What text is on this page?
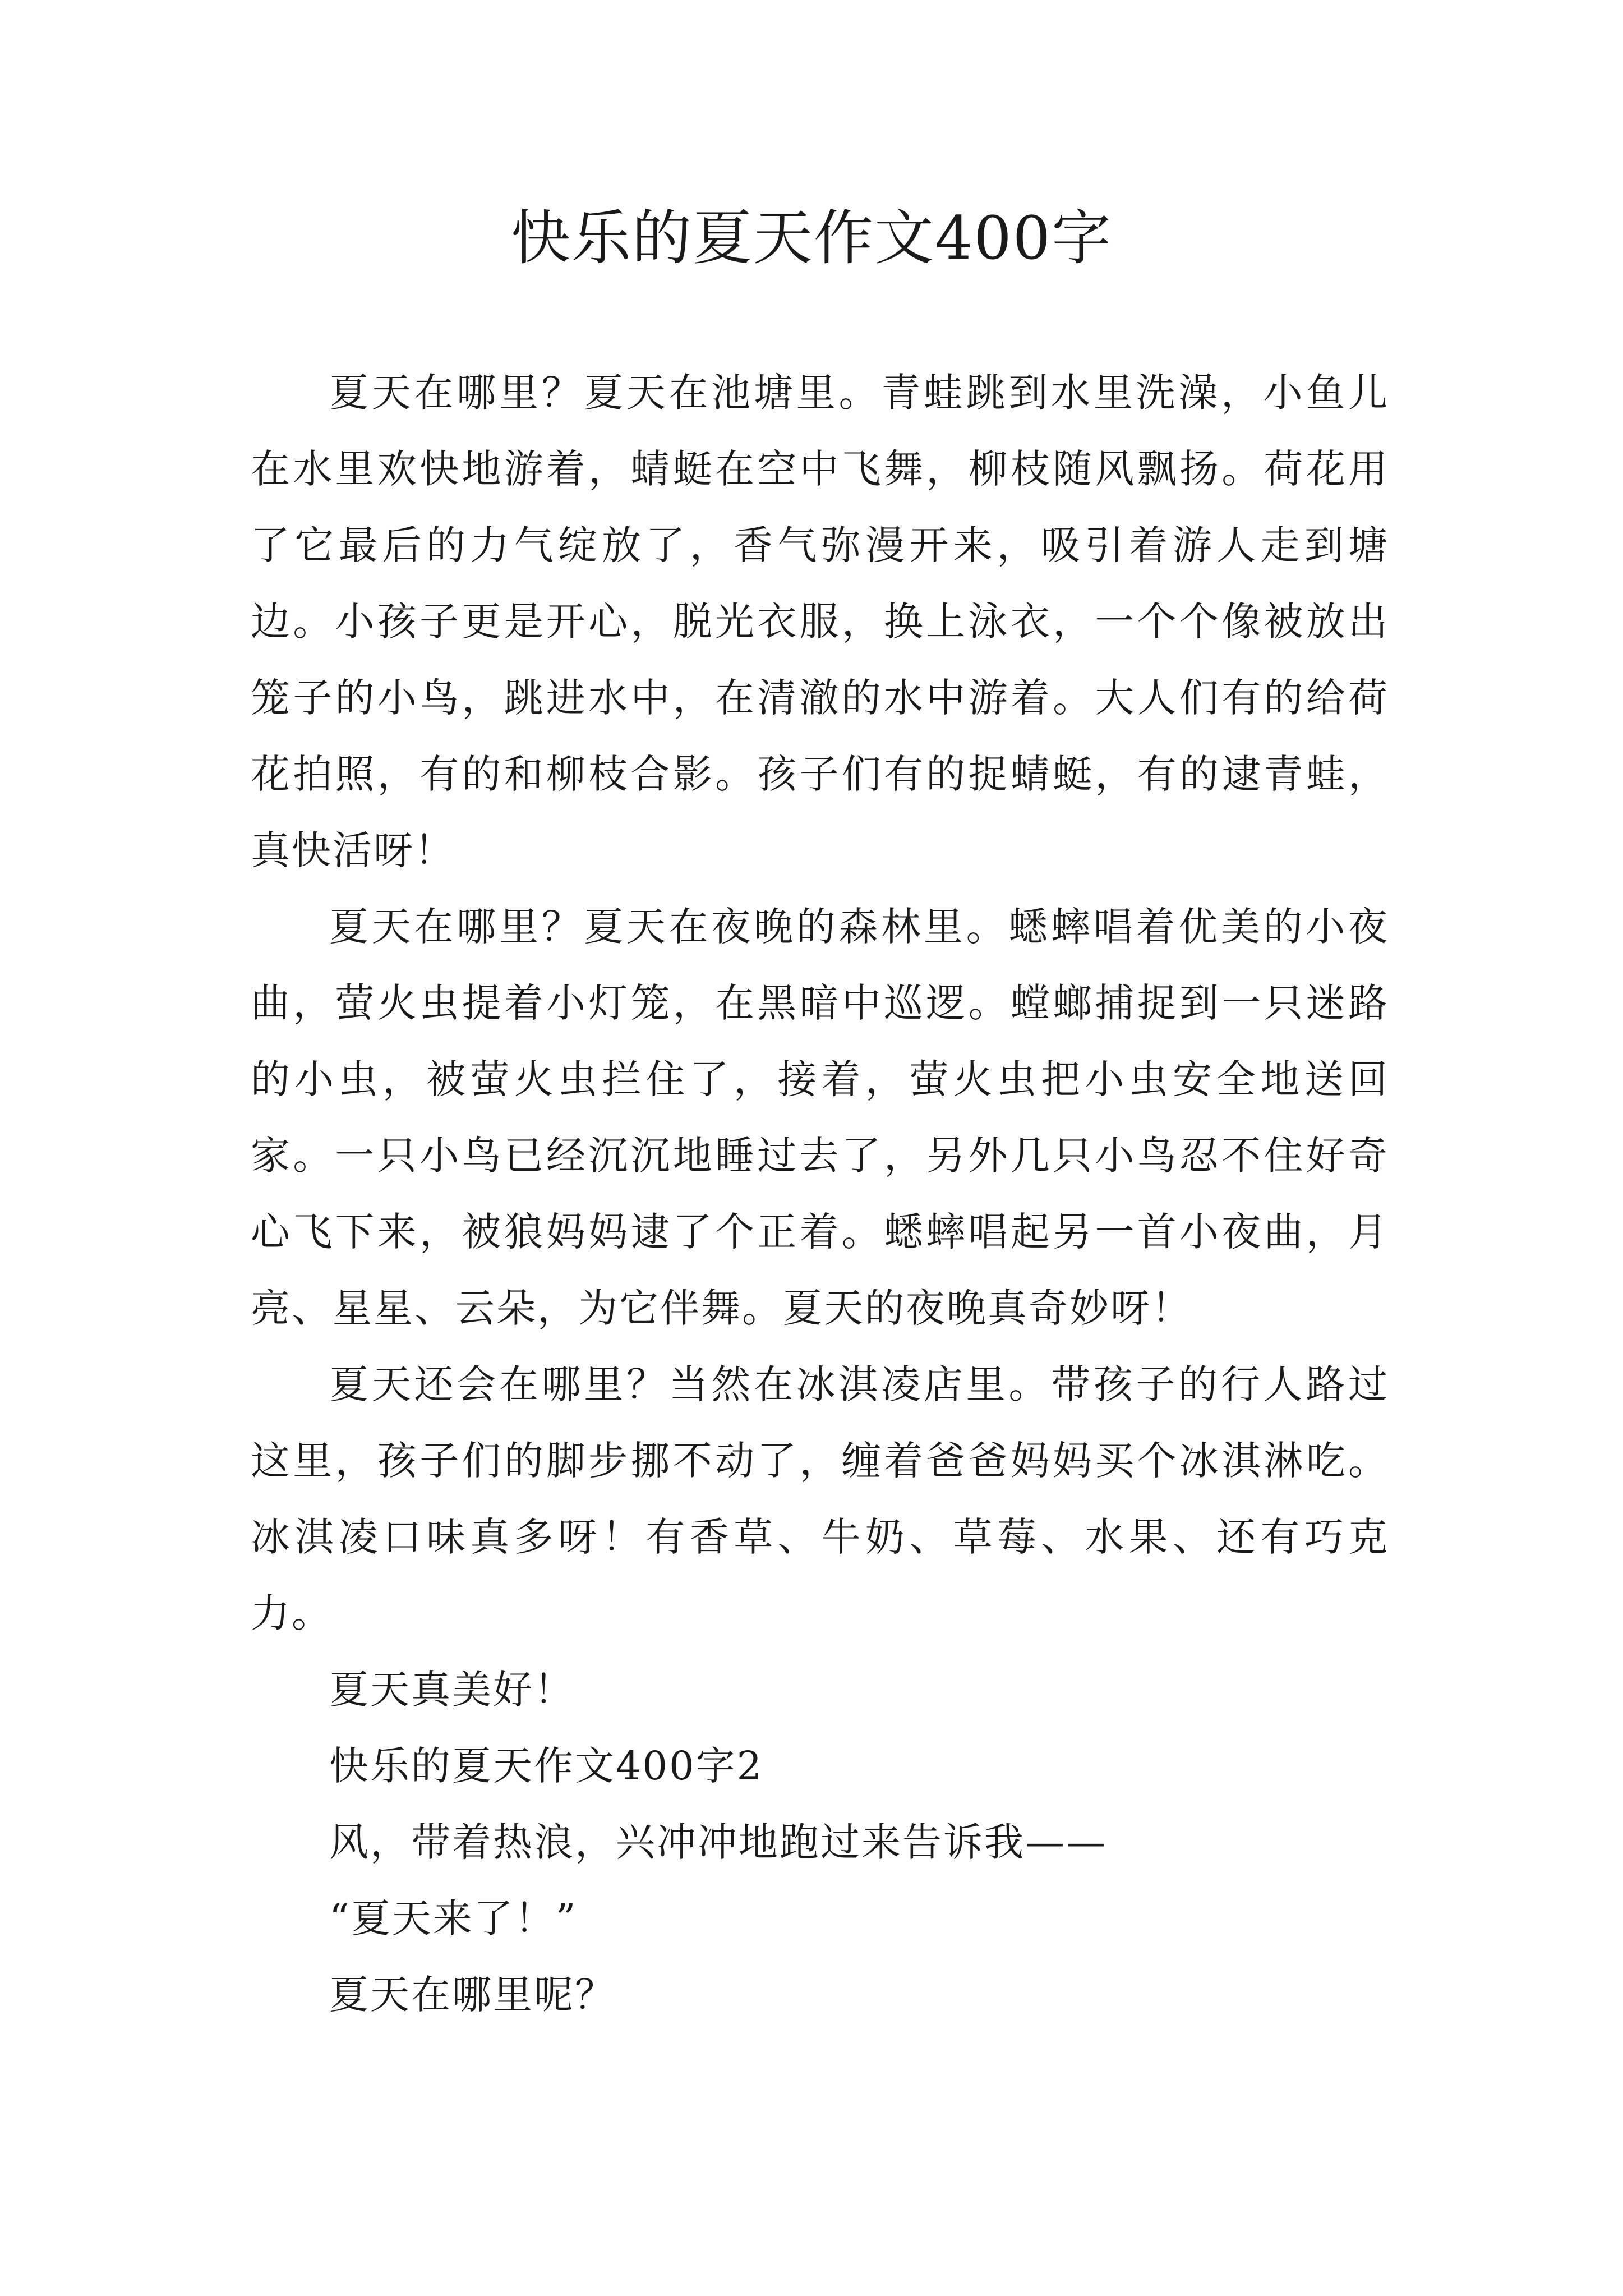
快乐的夏天作文400字

夏天在哪里？夏天在池塘里。青蛙跳到水里洗澡，小鱼儿在水里欢快地游着，蜻蜓在空中飞舞，柳枝随风飘扬。荷花用了它最后的力气绽放了，香气弥漫开来，吸引着游人走到塘边。小孩子更是开心，脱光衣服，换上泳衣，一个个像被放出笼子的小鸟，跳进水中，在清澈的水中游着。大人们有的给荷花拍照，有的和柳枝合影。孩子们有的捉蜻蜓，有的逮青蛙，真快活呀！

夏天在哪里？夏天在夜晚的森林里。蟋蟀唱着优美的小夜曲，萤火虫提着小灯笼，在黑暗中巡逻。螳螂捕捉到一只迷路的小虫，被萤火虫拦住了，接着，萤火虫把小虫安全地送回家。一只小鸟已经沉沉地睡过去了，另外几只小鸟忍不住好奇心飞下来，被狼妈妈逮了个正着。蟋蟀唱起另一首小夜曲，月亮、星星、云朵，为它伴舞。夏天的夜晚真奇妙呀！

夏天还会在哪里？当然在冰淇凌店里。带孩子的行人路过这里，孩子们的脚步挪不动了，缠着爸爸妈妈买个冰淇淋吃。冰淇凌口味真多呀！有香草、牛奶、草莓、水果、还有巧克力。

夏天真美好！

快乐的夏天作文400字2

风，带着热浪，兴冲冲地跑过来告诉我——

“夏天来了！”

夏天在哪里呢？
